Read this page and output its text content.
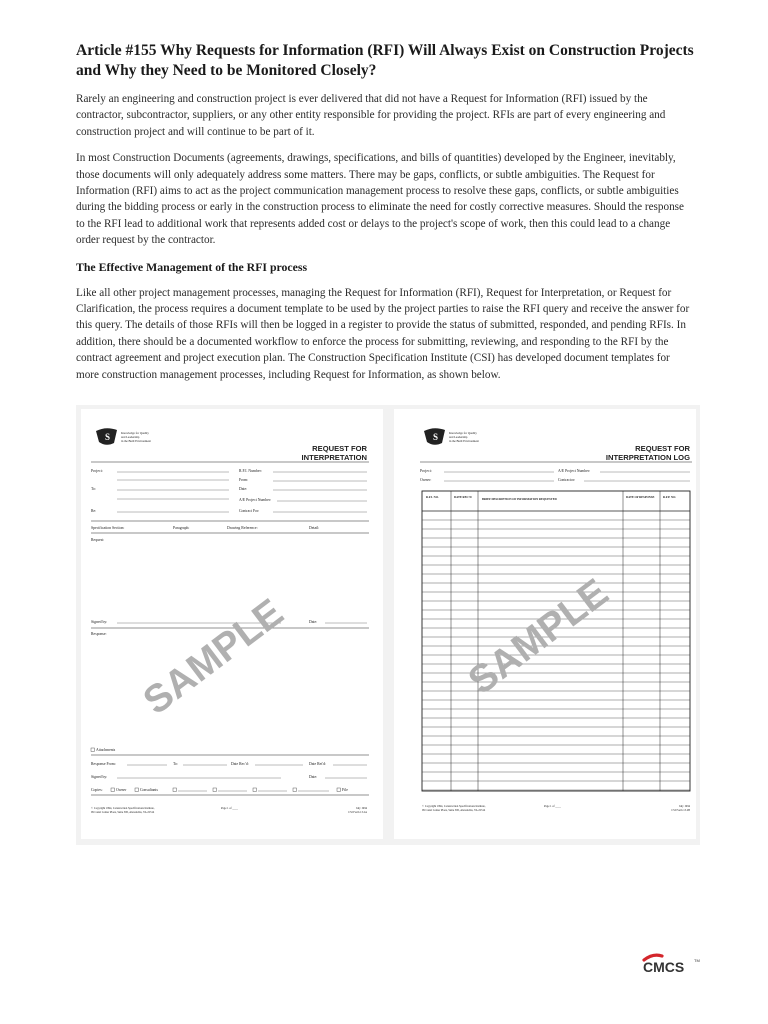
Article #155 Why Requests for Information (RFI) Will Always Exist on Construction Projects and Why they Need to be Monitored Closely?

Rarely an engineering and construction project is ever delivered that did not have a Request for Information (RFI) issued by the contractor, subcontractor, suppliers, or any other entity responsible for providing the project. RFIs are part of every engineering and construction project and will continue to be part of it.

In most Construction Documents (agreements, drawings, specifications, and bills of quantities) developed by the Engineer, inevitably, those documents will only adequately address some matters. There may be gaps, conflicts, or subtle ambiguities. The Request for Information (RFI) aims to act as the project communication management process to resolve these gaps, conflicts, or subtle ambiguities during the bidding process or early in the construction process to eliminate the need for costly corrective measures. Should the response to the RFI lead to additional work that represents added cost or delays to the project's scope of work, then this could lead to a change order request by the contractor.

The Effective Management of the RFI process

Like all other project management processes, managing the Request for Information (RFI), Request for Interpretation, or Request for Clarification, the process requires a document template to be used by the project parties to raise the RFI query and receive the answer for this query. The details of those RFIs will then be logged in a register to provide the status of submitted, responded, and pending RFIs. In addition, there should be a documented workflow to enforce the process for submitting, reviewing, and responding to the RFI by the contract agreement and project execution plan. The Construction Specification Institute (CSI) has developed document templates for more construction management processes, including Request for Information, as shown below.

S	Knowledge for Quality
and Leadership
in the Built Environment
REQUEST FOR
INTERPRETATION
Project:
To:
Re:
R.F.I. Number:
From:
Date:
A/E Project Number:
Contract For:
Specification Section:	Paragraph:	Drawing Reference:	Detail:
Request:
Signed by:	Date:
Response:
Attachments
Response From:	To:	Date Rec'd:	Date Ret'd:
Signed by:	Date:
Copies:	Owner	Consultants	File
© Copyright 1994, Construction Specifications Institute,
99 Canal Center Plaza, Suite 300, Alexandria, VA 22314
Page 1 of ____	July 1994
CSI Form 13.2A
SAMPLE
S	Knowledge for Quality
and Leadership
in the Built Environment
REQUEST FOR
INTERPRETATION LOG
Project:
Owner:
A/E Project Number:
Contractor:
R.F.I. NO.	DATE REC'D	BRIEF DESCRIPTION OF INFORMATION REQUESTED	DATE OF RESPONSE	R.F.P. NO.
© Copyright 1994, Construction Specifications Institute,
99 Canal Center Plaza, Suite 300, Alexandria, VA 22314
Page 1 of ____	July 1994
CSI Form 13.2B
SAMPLE
CMCS TM
